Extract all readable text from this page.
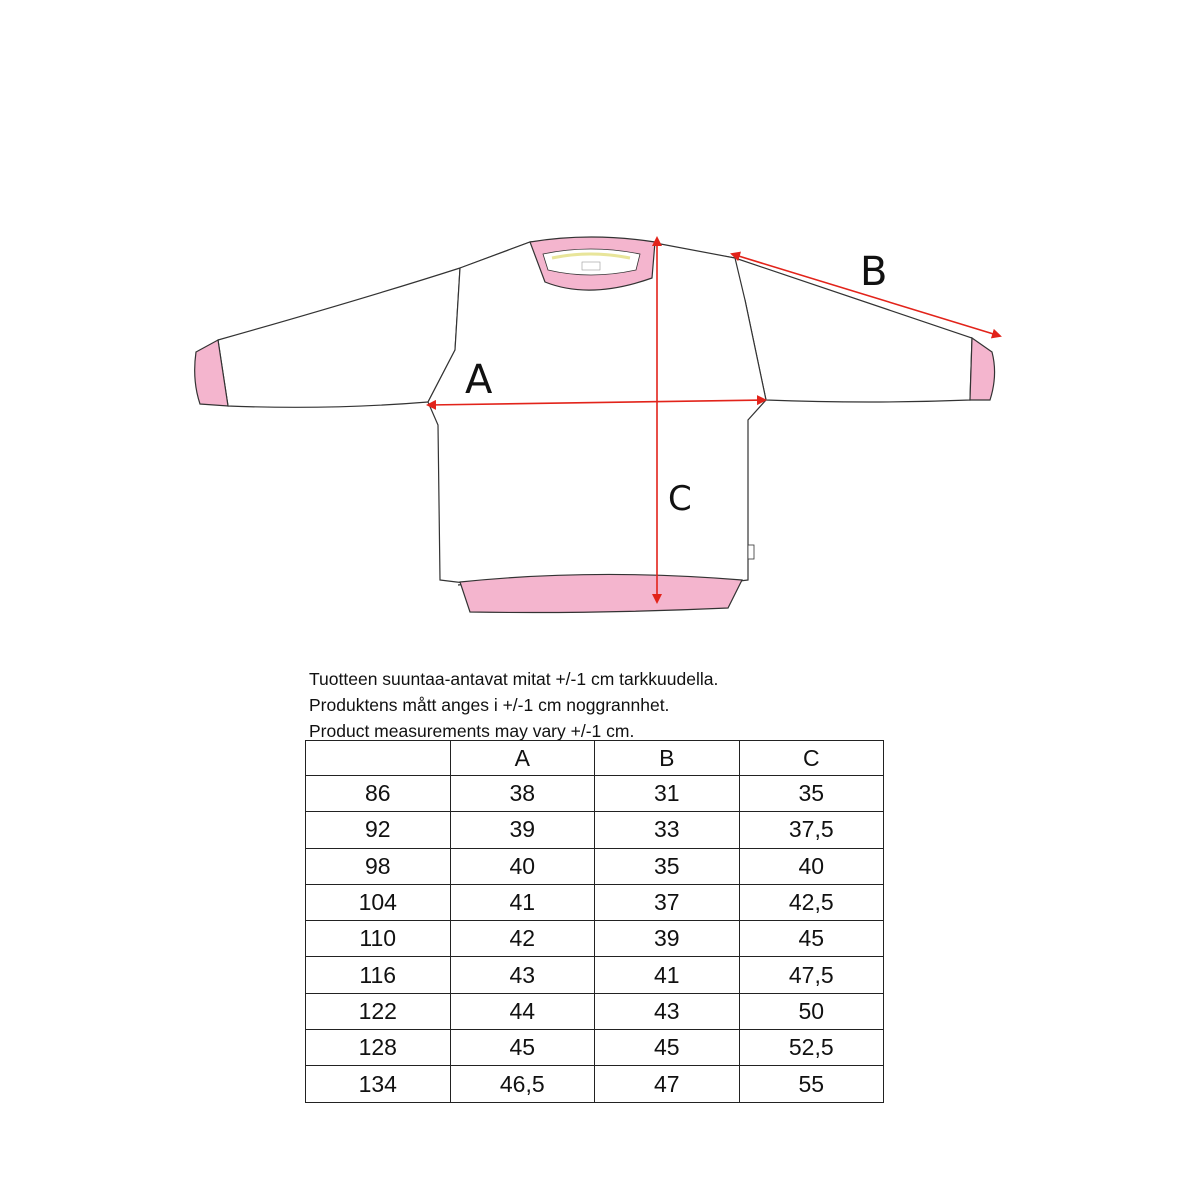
A
B
C
Tuotteen suuntaa-antavat mitat +/-1 cm tarkkuudella.
Produktens mått anges i +/-1 cm noggrannhet.
Product measurements may vary +/-1 cm.
	A	B	C
86	38	31	35
92	39	33	37,5
98	40	35	40
104	41	37	42,5
110	42	39	45
116	43	41	47,5
122	44	43	50
128	45	45	52,5
134	46,5	47	55
